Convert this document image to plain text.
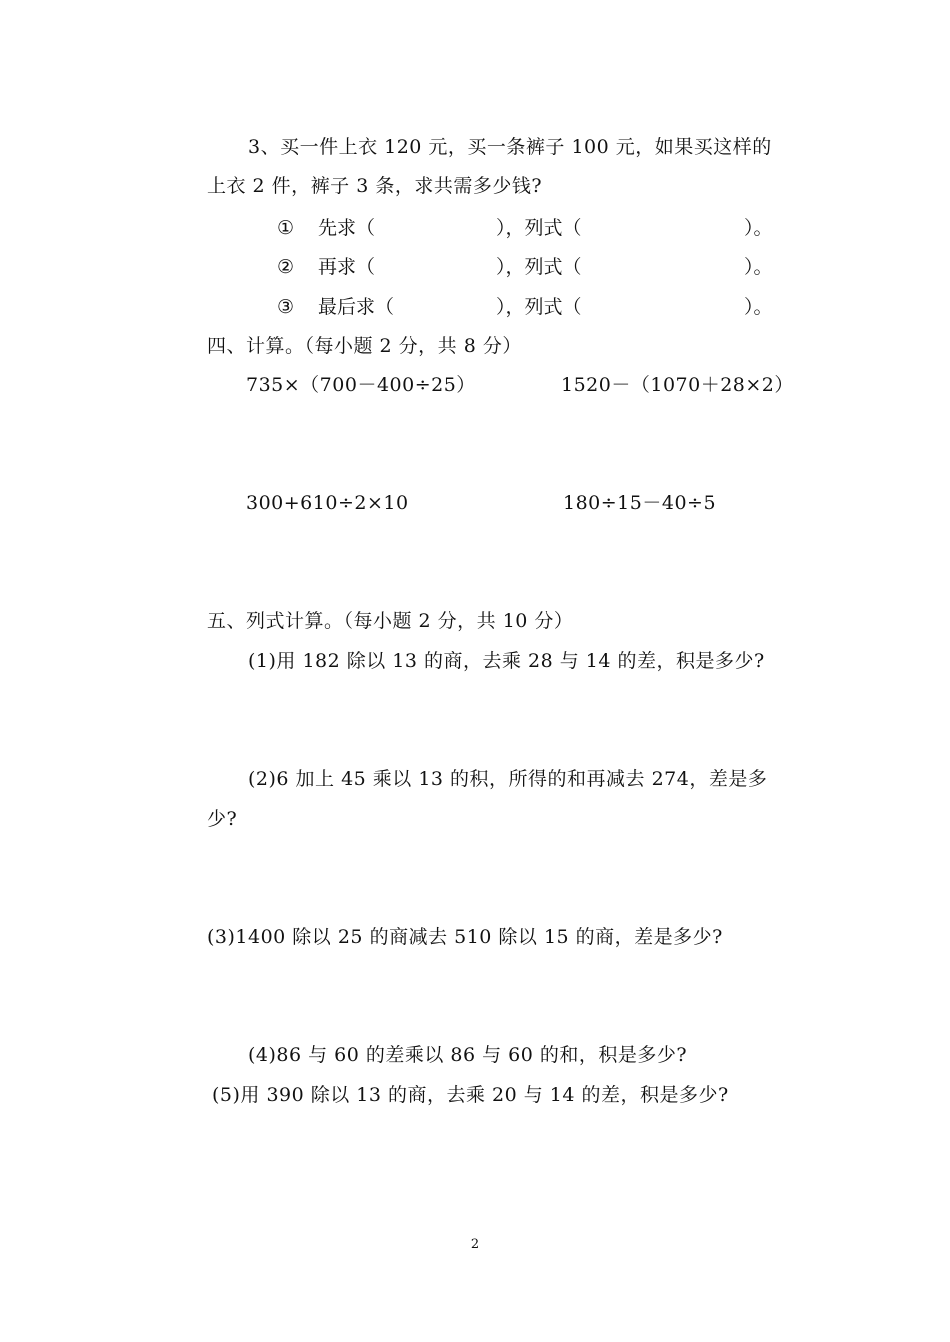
3、买一件上衣 120 元，买一条裤子 100 元，如果买这样的
上衣 2 件，裤子 3 条，求共需多少钱?
① 先求（	），列式（	）。
② 再求（	），列式（	）。
③ 最后求（	），列式（	）。
四、计算。（每小题 2 分，共 8 分）
735×（700－400÷25）	1520－（1070＋28×2）
300+610÷2×10	180÷15－40÷5
五、列式计算。（每小题 2 分，共 10 分）
(1)用 182 除以 13 的商，去乘 28 与 14 的差，积是多少?
(2)6 加上 45 乘以 13 的积，所得的和再减去 274，差是多
少?
(3)1400 除以 25 的商减去 510 除以 15 的商，差是多少?
(4)86 与 60 的差乘以 86 与 60 的和，积是多少?
(5)用 390 除以 13 的商，去乘 20 与 14 的差，积是多少?
2
